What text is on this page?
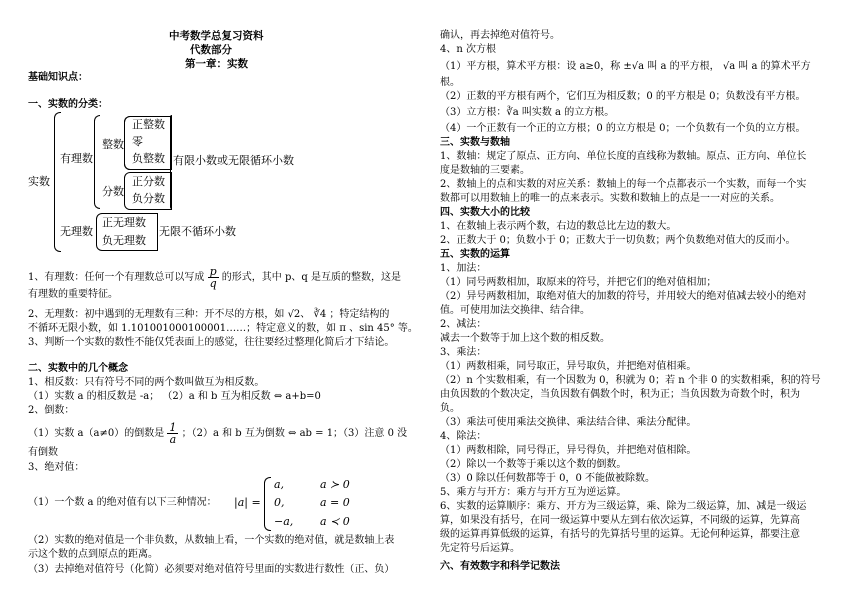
中考数学总复习资料
代数部分
第一章：实数
基础知识点：
一、实数的分类：
实数
有理数
整数
正整数
零
负整数
分数
正分数
负分数
有限小数或无限循环小数
无理数
正无理数
负无理数
无限不循环小数
1、有理数：任何一个有理数总可以写成 $\frac{p}{q}$ 的形式，其中 p、q 是互质的整数，这是
有理数的重要特征。
2、无理数：初中遇到的无理数有三种：开不尽的方根，如 √2、 ∛4 ；特定结构的
不循环无限小数，如 1.101001000100001……；特定意义的数，如 π 、sin 45° 等。
3、判断一个实数的数性不能仅凭表面上的感觉，往往要经过整理化简后才下结论。
二、实数中的几个概念
1、相反数：只有符号不同的两个数叫做互为相反数。
（1）实数 a 的相反数是 -a； （2）a 和 b 互为相反数 ⇔ a+b=0
2、倒数：
（1）实数 a（a≠0）的倒数是 $\frac{1}{a}$ ；（2）a 和 b 互为倒数 ⇔ ab = 1；（3）注意 0 没
有倒数
3、绝对值：
（1）一个数 a 的绝对值有以下三种情况： |a| =
a,	a ≻ 0
0,	a = 0
−a, a ≺ 0
（2）实数的绝对值是一个非负数，从数轴上看，一个实数的绝对值，就是数轴上表
示这个数的点到原点的距离。
（3）去掉绝对值符号（化简）必须要对绝对值符号里面的实数进行数性（正、负）
确认，再去掉绝对值符号。
4、n 次方根
（1）平方根，算术平方根：设 a≥0，称 ±√a 叫 a 的平方根， √a 叫 a 的算术平方
根。
（2）正数的平方根有两个，它们互为相反数；0 的平方根是 0；负数没有平方根。
（3）立方根：∛a 叫实数 a 的立方根。
（4）一个正数有一个正的立方根；0 的立方根是 0；一个负数有一个负的立方根。
三、实数与数轴
1、数轴：规定了原点、正方向、单位长度的直线称为数轴。原点、正方向、单位长
度是数轴的三要素。
2、数轴上的点和实数的对应关系：数轴上的每一个点都表示一个实数，而每一个实
数都可以用数轴上的唯一的点来表示。实数和数轴上的点是一一对应的关系。
四、实数大小的比较
1、在数轴上表示两个数，右边的数总比左边的数大。
2、正数大于 0；负数小于 0；正数大于一切负数；两个负数绝对值大的反而小。
五、实数的运算
1、加法：
（1）同号两数相加，取原来的符号，并把它们的绝对值相加；
（2）异号两数相加，取绝对值大的加数的符号，并用较大的绝对值减去较小的绝对
值。可使用加法交换律、结合律。
2、减法：
减去一个数等于加上这个数的相反数。
3、乘法：
（1）两数相乘，同号取正，异号取负，并把绝对值相乘。
（2）n 个实数相乘，有一个因数为 0，积就为 0；若 n 个非 0 的实数相乘，积的符号
由负因数的个数决定，当负因数有偶数个时，积为正；当负因数为奇数个时，积为
负。
（3）乘法可使用乘法交换律、乘法结合律、乘法分配律。
4、除法：
（1）两数相除，同号得正，异号得负，并把绝对值相除。
（2）除以一个数等于乘以这个数的倒数。
（3）0 除以任何数都等于 0，0 不能做被除数。
5、乘方与开方：乘方与开方互为逆运算。
6、实数的运算顺序：乘方、开方为三级运算，乘、除为二级运算，加、减是一级运
算，如果没有括号，在同一级运算中要从左到右依次运算，不同级的运算，先算高
级的运算再算低级的运算，有括号的先算括号里的运算。无论何种运算，都要注意
先定符号后运算。
六、有效数字和科学记数法
